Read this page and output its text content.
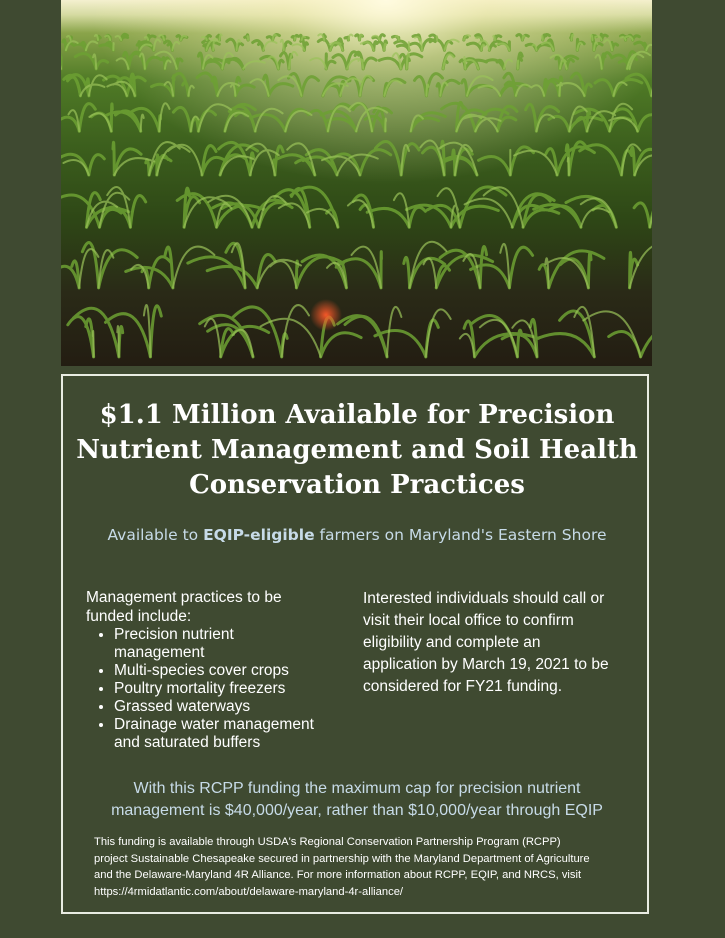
$1.1 Million Available for Precision
Nutrient Management and Soil Health
Conservation Practices
Available to EQIP-eligible farmers on Maryland's Eastern Shore

Management practices to be
funded include:

• Precision nutrient
management
• Multi-species cover crops
• Poultry mortality freezers
• Grassed waterways
• Drainage water management
and saturated buffers

Interested individuals should call or
visit their local office to confirm
eligibility and complete an
application by March 19, 2021 to be
considered for FY21 funding.

With this RCPP funding the maximum cap for precision nutrient
management is $40,000/year, rather than $10,000/year through EQIP

This funding is available through USDA's Regional Conservation Partnership Program (RCPP)
project Sustainable Chesapeake secured in partnership with the Maryland Department of Agriculture
and the Delaware-Maryland 4R Alliance. For more information about RCPP, EQIP, and NRCS, visit
https://4rmidatlantic.com/about/delaware-maryland-4r-alliance/
